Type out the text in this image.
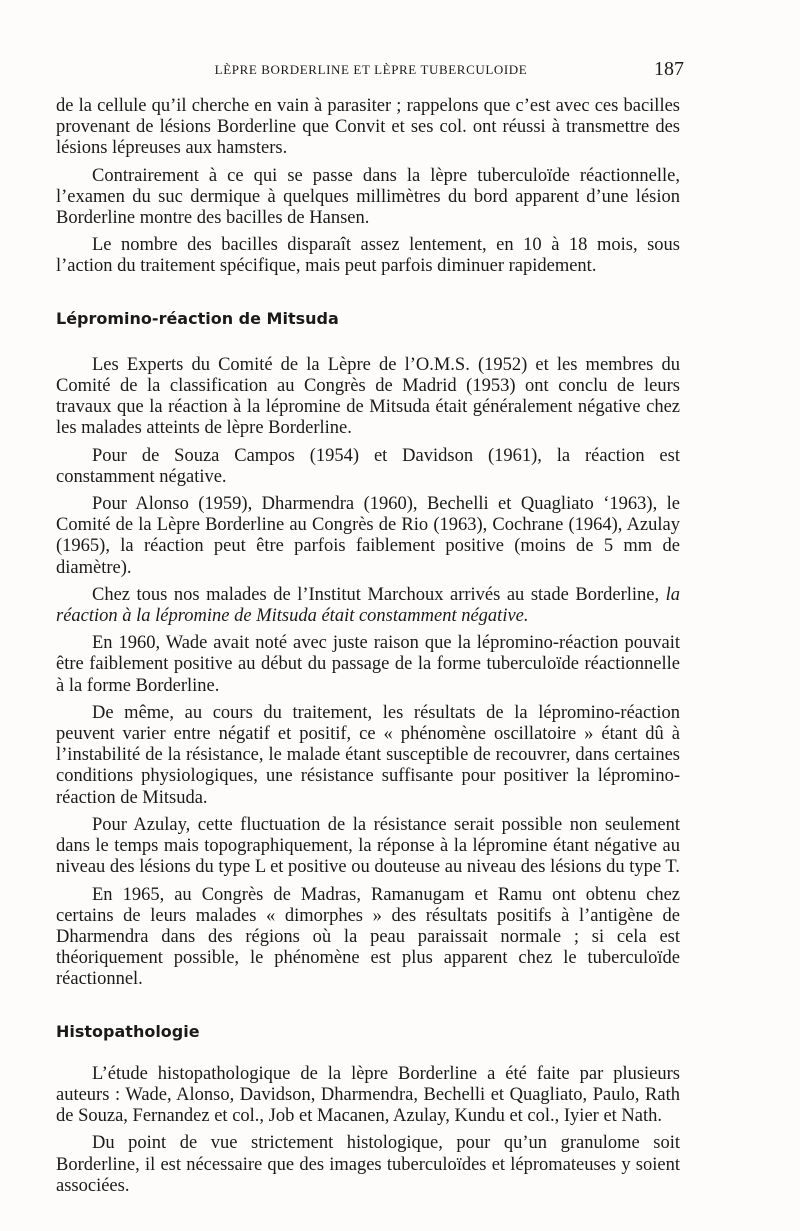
LÈPRE BORDERLINE ET LÈPRE TUBERCULOIDE	187

de la cellule qu’il cherche en vain à parasiter ; rappelons que c’est avec ces bacilles provenant de lésions Borderline que Convit et ses col. ont réussi à transmettre des lésions lépreuses aux hamsters.

Contrairement à ce qui se passe dans la lèpre tuberculoïde réactionnelle, l’examen du suc dermique à quelques millimètres du bord apparent d’une lésion Borderline montre des bacilles de Hansen.

Le nombre des bacilles disparaît assez lentement, en 10 à 18 mois, sous l’action du traitement spécifique, mais peut parfois diminuer rapidement.

Lépromino-réaction de Mitsuda

Les Experts du Comité de la Lèpre de l’O.M.S. (1952) et les membres du Comité de la classification au Congrès de Madrid (1953) ont conclu de leurs travaux que la réaction à la lépromine de Mitsuda était généralement négative chez les malades atteints de lèpre Borderline.

Pour de Souza Campos (1954) et Davidson (1961), la réaction est constamment négative.

Pour Alonso (1959), Dharmendra (1960), Bechelli et Quagliato ‘1963), le Comité de la Lèpre Borderline au Congrès de Rio (1963), Cochrane (1964), Azulay (1965), la réaction peut être parfois faiblement positive (moins de 5 mm de diamètre).

Chez tous nos malades de l’Institut Marchoux arrivés au stade Borderline, la réaction à la lépromine de Mitsuda était constamment négative.

En 1960, Wade avait noté avec juste raison que la lépromino-réaction pouvait être faiblement positive au début du passage de la forme tuberculoïde réactionnelle à la forme Borderline.

De même, au cours du traitement, les résultats de la lépromino-réaction peuvent varier entre négatif et positif, ce « phénomène oscillatoire » étant dû à l’instabilité de la résistance, le malade étant susceptible de recouvrer, dans certaines conditions physiologiques, une résistance suffisante pour positiver la lépromino-réaction de Mitsuda.

Pour Azulay, cette fluctuation de la résistance serait possible non seulement dans le temps mais topographiquement, la réponse à la lépromine étant négative au niveau des lésions du type L et positive ou douteuse au niveau des lésions du type T.

En 1965, au Congrès de Madras, Ramanugam et Ramu ont obtenu chez certains de leurs malades « dimorphes » des résultats positifs à l’antigène de Dharmendra dans des régions où la peau paraissait normale ; si cela est théoriquement possible, le phénomène est plus apparent chez le tuberculoïde réactionnel.

Histopathologie

L’étude histopathologique de la lèpre Borderline a été faite par plusieurs auteurs : Wade, Alonso, Davidson, Dharmendra, Bechelli et Quagliato, Paulo, Rath de Souza, Fernandez et col., Job et Macanen, Azulay, Kundu et col., Iyier et Nath.

Du point de vue strictement histologique, pour qu’un granulome soit Borderline, il est nécessaire que des images tuberculoïdes et lépromateuses y soient associées.
